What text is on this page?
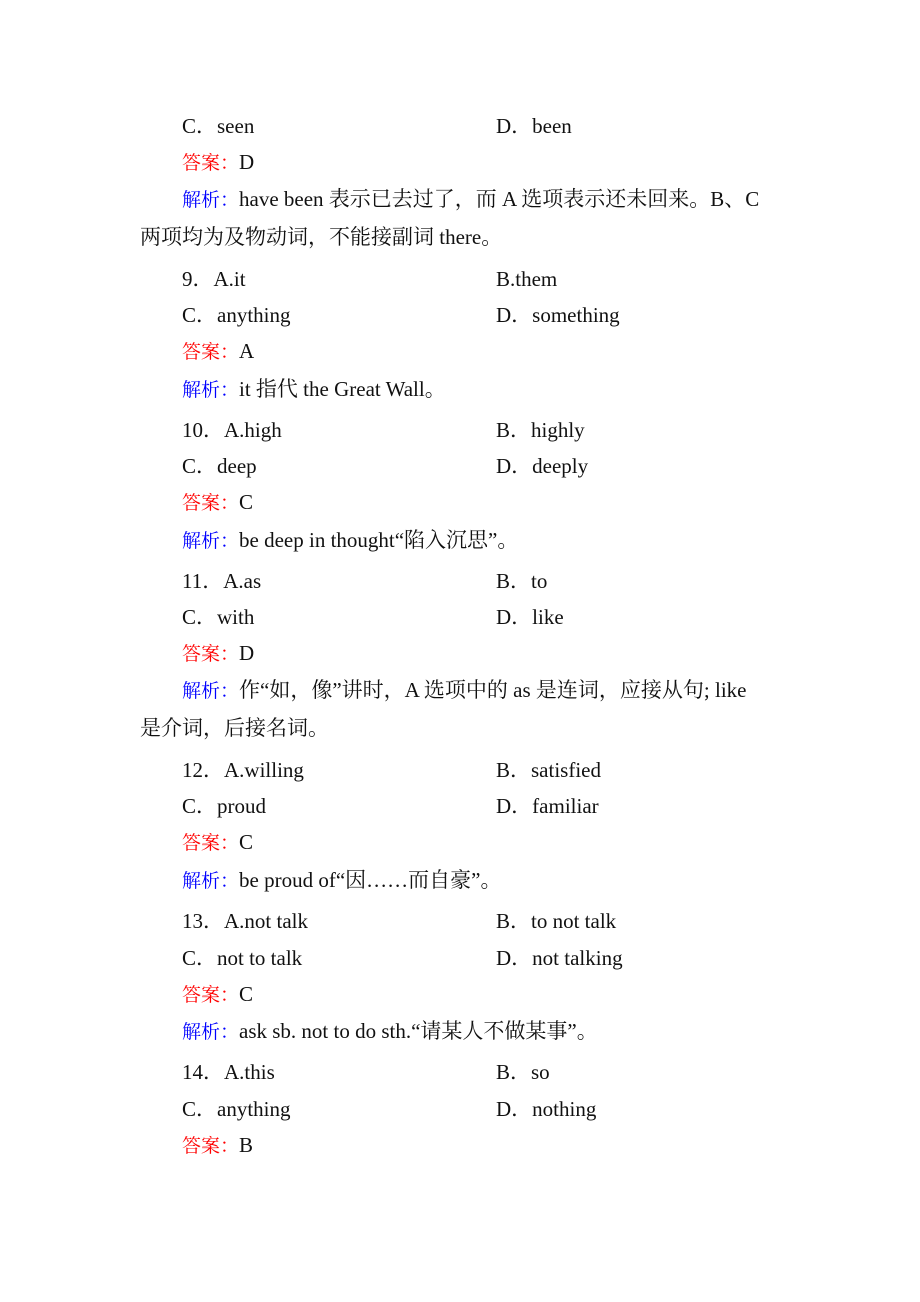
C．seen	D．been
答案：D
解析：have been 表示已去过了，而 A 选项表示还未回来。B、C
两项均为及物动词，不能接副词 there。
9．A.it	B.them
C．anything	D．something
答案：A
解析：it 指代 the Great Wall。
10．A.high	B．highly
C．deep	D．deeply
答案：C
解析：be deep in thought“陷入沉思”。
11．A.as	B．to
C．with	D．like
答案：D
解析：作“如，像”讲时，A 选项中的 as 是连词，应接从句; like
是介词，后接名词。
12．A.willing	B．satisfied
C．proud	D．familiar
答案：C
解析：be proud of“因……而自豪”。
13．A.not talk	B．to not talk
C．not to talk	D．not talking
答案：C
解析：ask sb. not to do sth.“请某人不做某事”。
14．A.this	B．so
C．anything	D．nothing
答案：B
